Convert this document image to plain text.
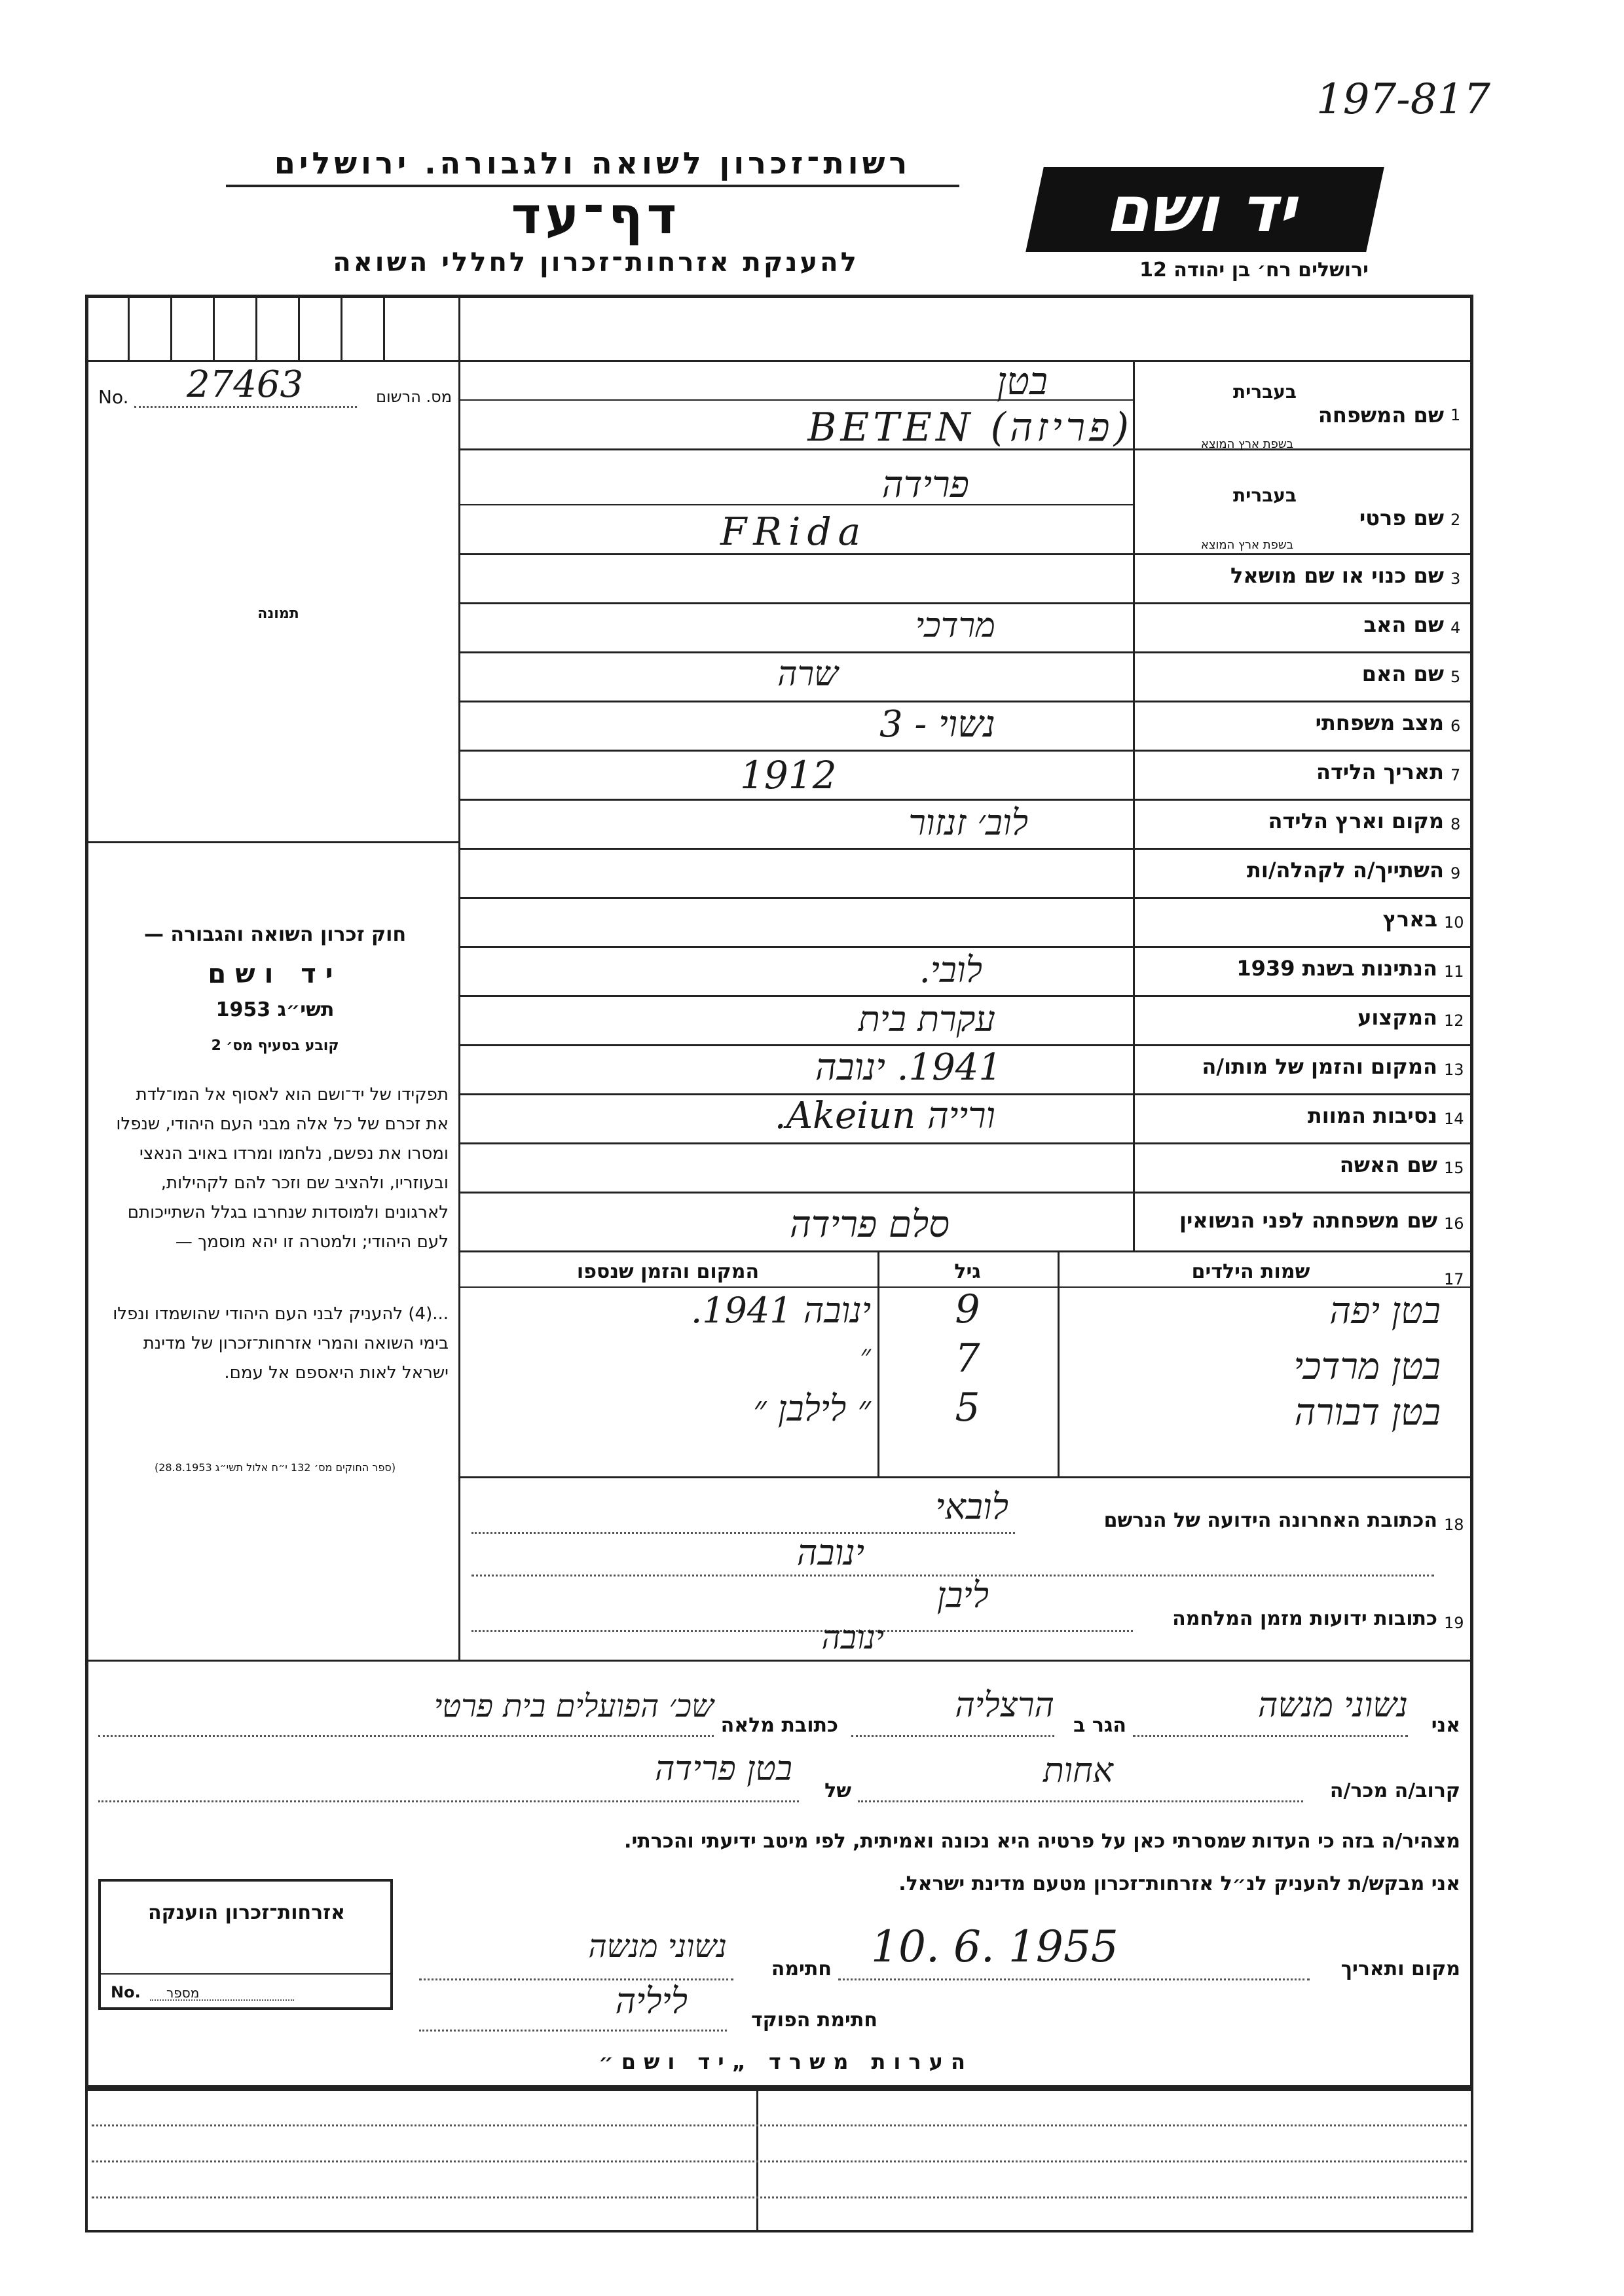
197-817
רשות־זכרון לשואה ולגבורה. ירושלים
דף־עד
להענקת אזרחות־זכרון לחללי השואה
יד ושם
ירושלים רח׳ בן יהודה 12
No. 27463	מס. הרשום
תמונה
חוק זכרון השואה והגבורה —
יד ושם
תשי״ג 1953
קובע בסעיף מס׳ 2
תפקידו של יד־ושם הוא לאסוף אל המו־לדת את זכרם של כל אלה מבני העם היהודי, שנפלו ומסרו את נפשם, נלחמו ומרדו באויב הנאצי ובעוזריו, ולהציב שם וזכר להם לקהילות, לארגונים ולמוסדות שנחרבו בגלל השתייכותם לעם היהודי; ולמטרה זו יהא מוסמך —
...(4) להעניק לבני העם היהודי שהושמדו ונפלו בימי השואה והמרי אזרחות־זכרון של מדינת ישראל לאות היאספם אל עמם.
(ספר החוקים מס׳ 132 י״ח אלול תשי״ג 28.8.1953)
1
שם המשפחה
בעברית
בשפת ארץ המוצא
בטן
(פריזה) BETEN
2
שם פרטי
בעברית
בשפת ארץ המוצא
פרידה
FRida
3
שם כנוי או שם מושאל
4
שם האב
מרדכי
5
שם האם
שרה
6
מצב משפחתי
נשוי - 3
7
תאריך הלידה
1912
8
מקום וארץ הלידה
לוב׳ זנזור
9
השתייך/ה לקהלה/ות
10
בארץ
11
הנתינות בשנת 1939
לובי.
12
המקצוע
עקרת בית
13
המקום והזמן של מותו/ה
1941. ינובה
14
נסיבות המוות
ורייה Akeiun.
15
שם האשה
16
שם משפחתה לפני הנשואין
סלם פרידה
17
שמות הילדים
גיל
המקום והזמן שנספו
בטן יפה
9
ינובה 1941.
בטן מרדכי
7
״
בטן דבורה
5
״ לילבן ״
18
הכתובת האחרונה הידועה של הנרשם
לובאי
ינובה
19
כתובות ידועות מזמן המלחמה
ליבן
ינובה
אני
נשוני מנשה
הגר ב
הרצליה
כתובת מלאה
שכ׳ הפועלים בית פרטי
קרוב/ה מכר/ה
אחות
של
בטן פרידה
מצהיר/ה בזה כי העדות שמסרתי כאן על פרטיה היא נכונה ואמיתית, לפי מיטב ידיעתי והכרתי.
אני מבקש/ת להעניק לנ״ל אזרחות־זכרון מטעם מדינת ישראל.
מקום ותאריך
10. 6. 1955
חתימה
נשוני מנשה
חתימת הפוקד
ליליה
אזרחות־זכרון הוענקה
No. מספר
הערות משרד „יד ושם״
